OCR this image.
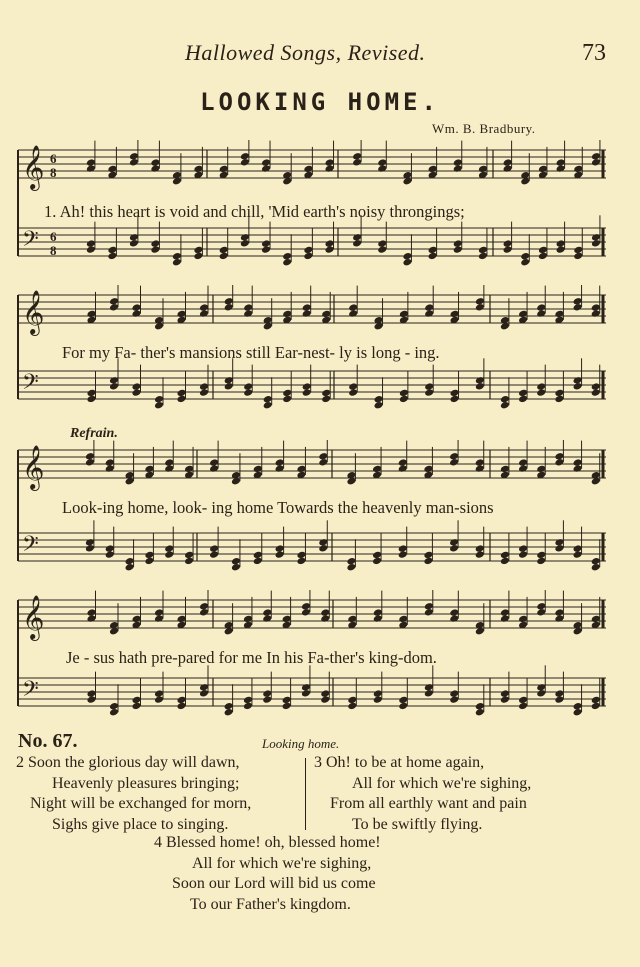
Hallowed Songs, Revised.	73
LOOKING HOME.
Wm. B. Bradbury.
𝄞 6
8
𝄢 6
8
1. Ah! this heart is void and chill, 'Mid earth's noisy throngings;
𝄞
𝄢
For my Fa- ther's mansions still Ear-nest- ly is long - ing.
Refrain.
𝄞
𝄢
Look-ing home, look- ing home Towards the heavenly man-sions
𝄞
𝄢
Je - sus hath pre-pared for me In his Fa-ther's king-dom.
No. 67.	Looking home.
2 Soon the glorious day will dawn,
Heavenly pleasures bringing;
Night will be exchanged for morn,
Sighs give place to singing.
3 Oh! to be at home again,
All for which we're sighing,
From all earthly want and pain
To be swiftly flying.
4 Blessed home! oh, blessed home!
All for which we're sighing,
Soon our Lord will bid us come
To our Father's kingdom.
